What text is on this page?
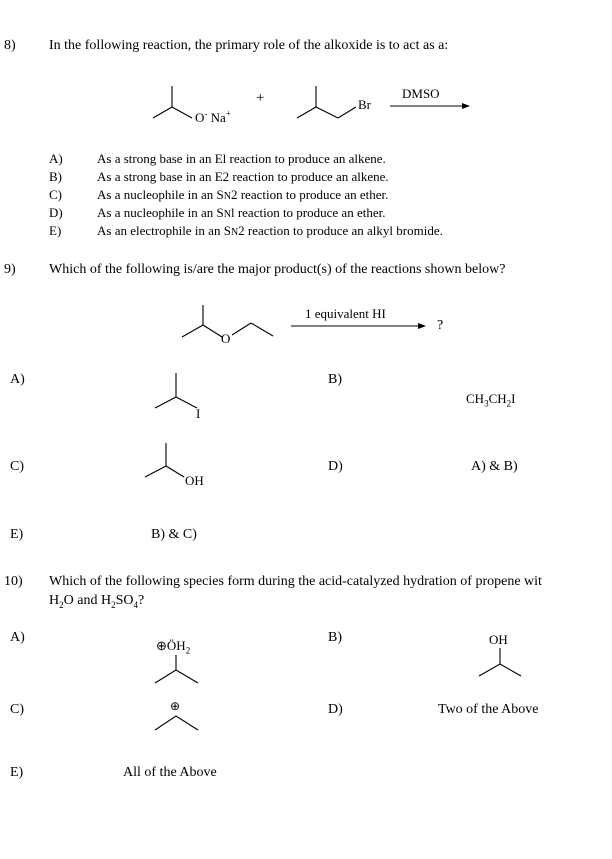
8) In the following reaction, the primary role of the alkoxide is to act as a:
+
O- Na+
Br
DMSO
A)	As a strong base in an El reaction to produce an alkene.
B)	As a strong base in an E2 reaction to produce an alkene.
C)	As a nucleophile in an SN2 reaction to produce an ether.
D)	As a nucleophile in an SNl reaction to produce an ether.
E)	As an electrophile in an SN2 reaction to produce an alkyl bromide.
9) Which of the following is/are the major product(s) of the reactions shown below?
O
1 equivalent HI
?
A)
I
B)
$CH_3CH_2I$
C)
OH
D)	A) & B)
E)	B) & C)
10) Which of the following species form during the acid-catalyzed hydration of propene wit
$H_2O$ and $H_2SO_4$?
A)
$\oplus ÖH_2$
B)	OH
C)	⊕	D)	Two of the Above
E)	All of the Above
